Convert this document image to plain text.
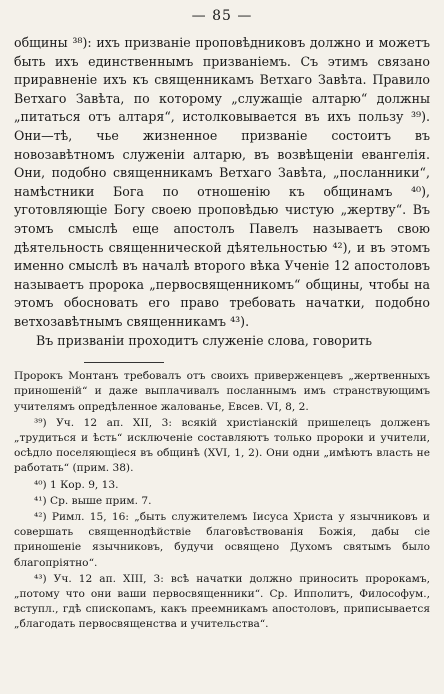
— 85 —

общины ³⁸): ихъ призванiе проповѣдниковъ должно и можетъ быть ихъ единственнымъ призванiемъ. Съ этимъ связано приравненiе ихъ къ священникамъ Ветхаго Завѣта. Правило Ветхаго Завѣта, по которому „служащiе алтарю“ должны „питаться отъ алтаря“, истолковывается въ ихъ пользу ³⁹). Они—тѣ, чье жизненное призванiе состоитъ въ новозавѣтномъ служенiи алтарю, въ возвѣщенiи евангелiя. Они, подобно священникамъ Ветхаго Завѣта, „посланники“, намѣстники Бога по отношенiю къ общинамъ ⁴⁰), уготовляющiе Богу своею проповѣдью чистую „жертву“. Въ этомъ смыслѣ еще апостолъ Павелъ называетъ свою дѣятельность священнической дѣятельностью ⁴²), и въ этомъ именно смыслѣ въ началѣ второго вѣка Ученiе 12 апостоловъ называетъ пророка „первосвященникомъ“ общины, чтобы на этомъ обосновать его право требовать начатки, подобно ветхозавѣтнымъ священникамъ ⁴³).

Въ призванiи проходитъ служенiе слова, говорить

Пророкъ Монтанъ требовалъ отъ своихъ приверженцевъ „жертвенныхъ приношенiй“ и даже выплачивалъ посланнымъ имъ странствующимъ учителямъ опредѣленное жалованье, Евсев. VI, 8, 2.

³⁹) Уч. 12 ап. XII, 3: всякiй христiанскiй пришелецъ долженъ „трудиться и ѣсть“ исключенiе составляютъ только пророки и учители, осѣдло поселяющiеся въ общинѣ (XVI, 1, 2). Они одни „имѣютъ власть не работать“ (прим. 38).

⁴⁰) 1 Кор. 9, 13.

⁴¹) Ср. выше прим. 7.

⁴²) Римл. 15, 16: „быть служителемъ Iисуса Христа у язычниковъ и совершать священнодѣйствiе благовѣствованiя Божiя, дабы сiе приношенiе язычниковъ, будучи освящено Духомъ святымъ было благопрiятно“.

⁴³) Уч. 12 ап. XIII, 3: всѣ начатки должно приносить пророкамъ, „потому что они ваши первосвященники“. Ср. Ипполитъ, Философум., вступл., гдѣ спископамъ, какъ преемникамъ апостоловъ, приписывается „благодать первосвященства и учительства“.
